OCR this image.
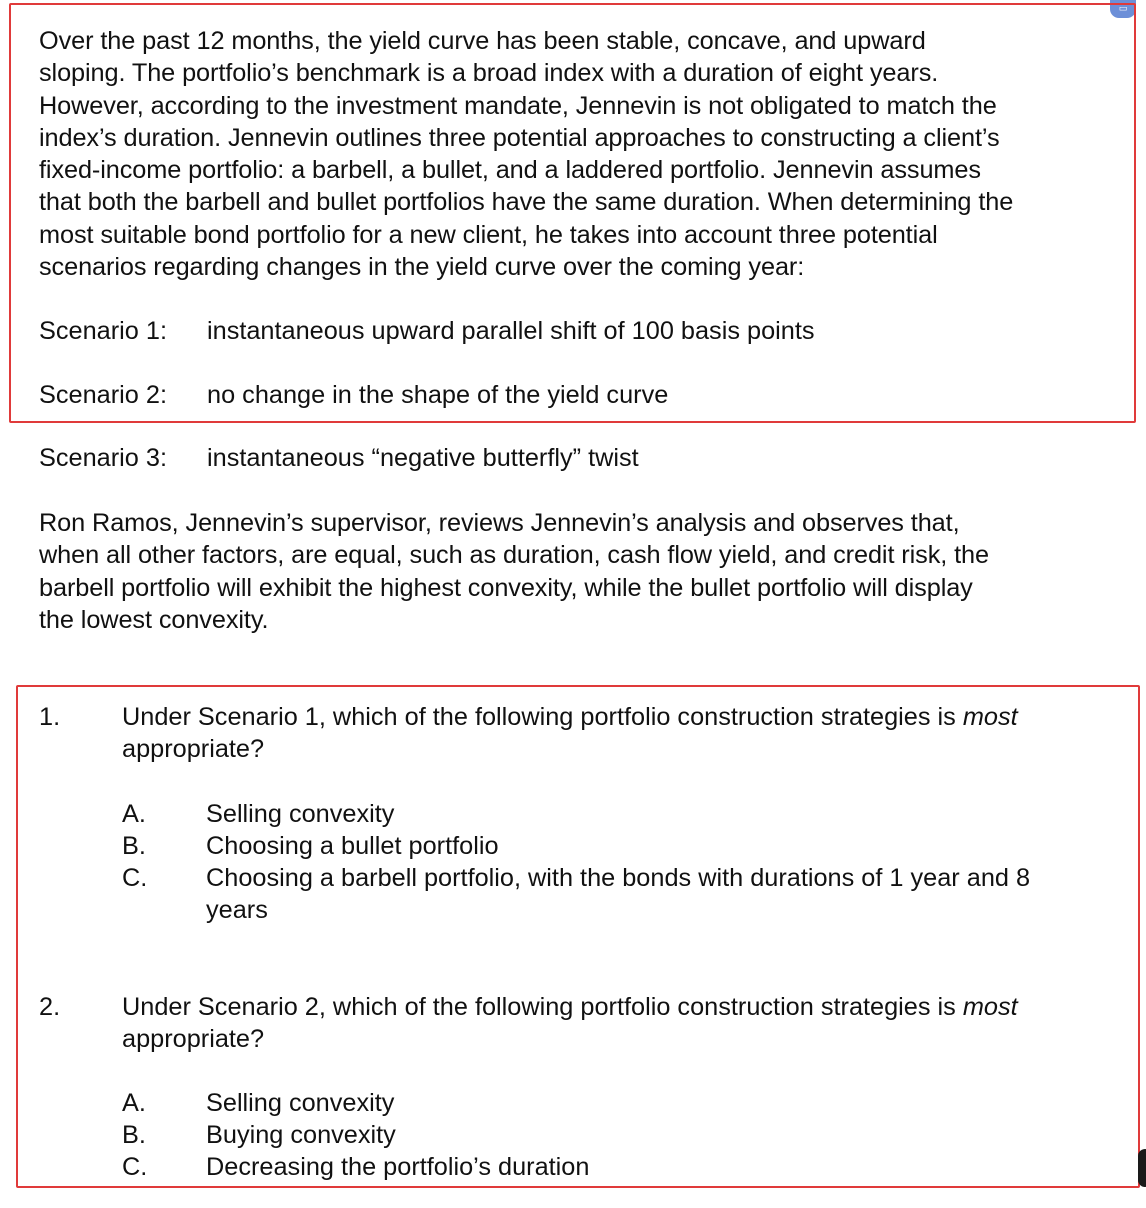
▭
Over the past 12 months, the yield curve has been stable, concave, and upward
sloping. The portfolio’s benchmark is a broad index with a duration of eight years.
However, according to the investment mandate, Jennevin is not obligated to match the
index’s duration. Jennevin outlines three potential approaches to constructing a client’s
fixed-income portfolio: a barbell, a bullet, and a laddered portfolio. Jennevin assumes
that both the barbell and bullet portfolios have the same duration. When determining the
most suitable bond portfolio for a new client, he takes into account three potential
scenarios regarding changes in the yield curve over the coming year:
Scenario 1: instantaneous upward parallel shift of 100 basis points
Scenario 2: no change in the shape of the yield curve
Scenario 3: instantaneous “negative butterfly” twist
Ron Ramos, Jennevin’s supervisor, reviews Jennevin’s analysis and observes that,
when all other factors, are equal, such as duration, cash flow yield, and credit risk, the
barbell portfolio will exhibit the highest convexity, while the bullet portfolio will display
the lowest convexity.
1. Under Scenario 1, which of the following portfolio construction strategies is most
appropriate?
A. Selling convexity
B. Choosing a bullet portfolio
C. Choosing a barbell portfolio, with the bonds with durations of 1 year and 8
years
2. Under Scenario 2, which of the following portfolio construction strategies is most
appropriate?
A. Selling convexity
B. Buying convexity
C. Decreasing the portfolio’s duration
